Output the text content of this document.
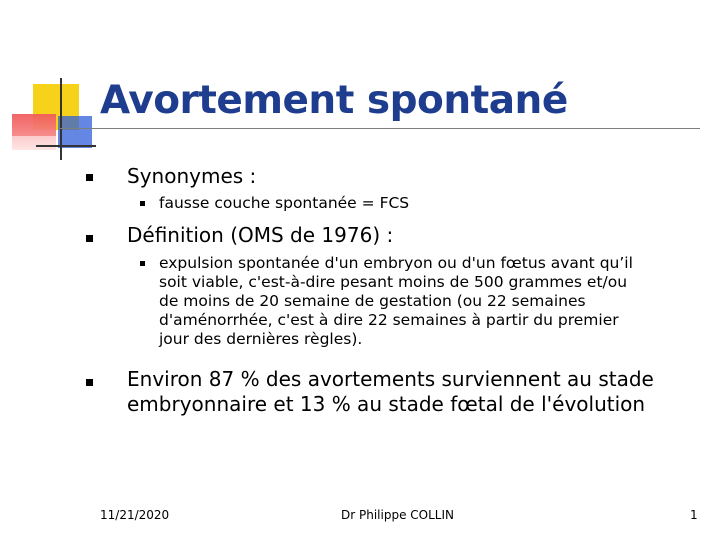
Avortement spontané
Synonymes :
fausse couche spontanée = FCS
Définition (OMS de 1976) :
expulsion spontanée d'un embryon ou d'un fœtus avant qu’il
soit viable, c'est-à-dire pesant moins de 500 grammes et/ou
de moins de 20 semaine de gestation (ou 22 semaines
d'aménorrhée, c'est à dire 22 semaines à partir du premier
jour des dernières règles).
Environ 87 % des avortements surviennent au stade
embryonnaire et 13 % au stade fœtal de l'évolution
11/21/2020	Dr Philippe COLLIN	1
